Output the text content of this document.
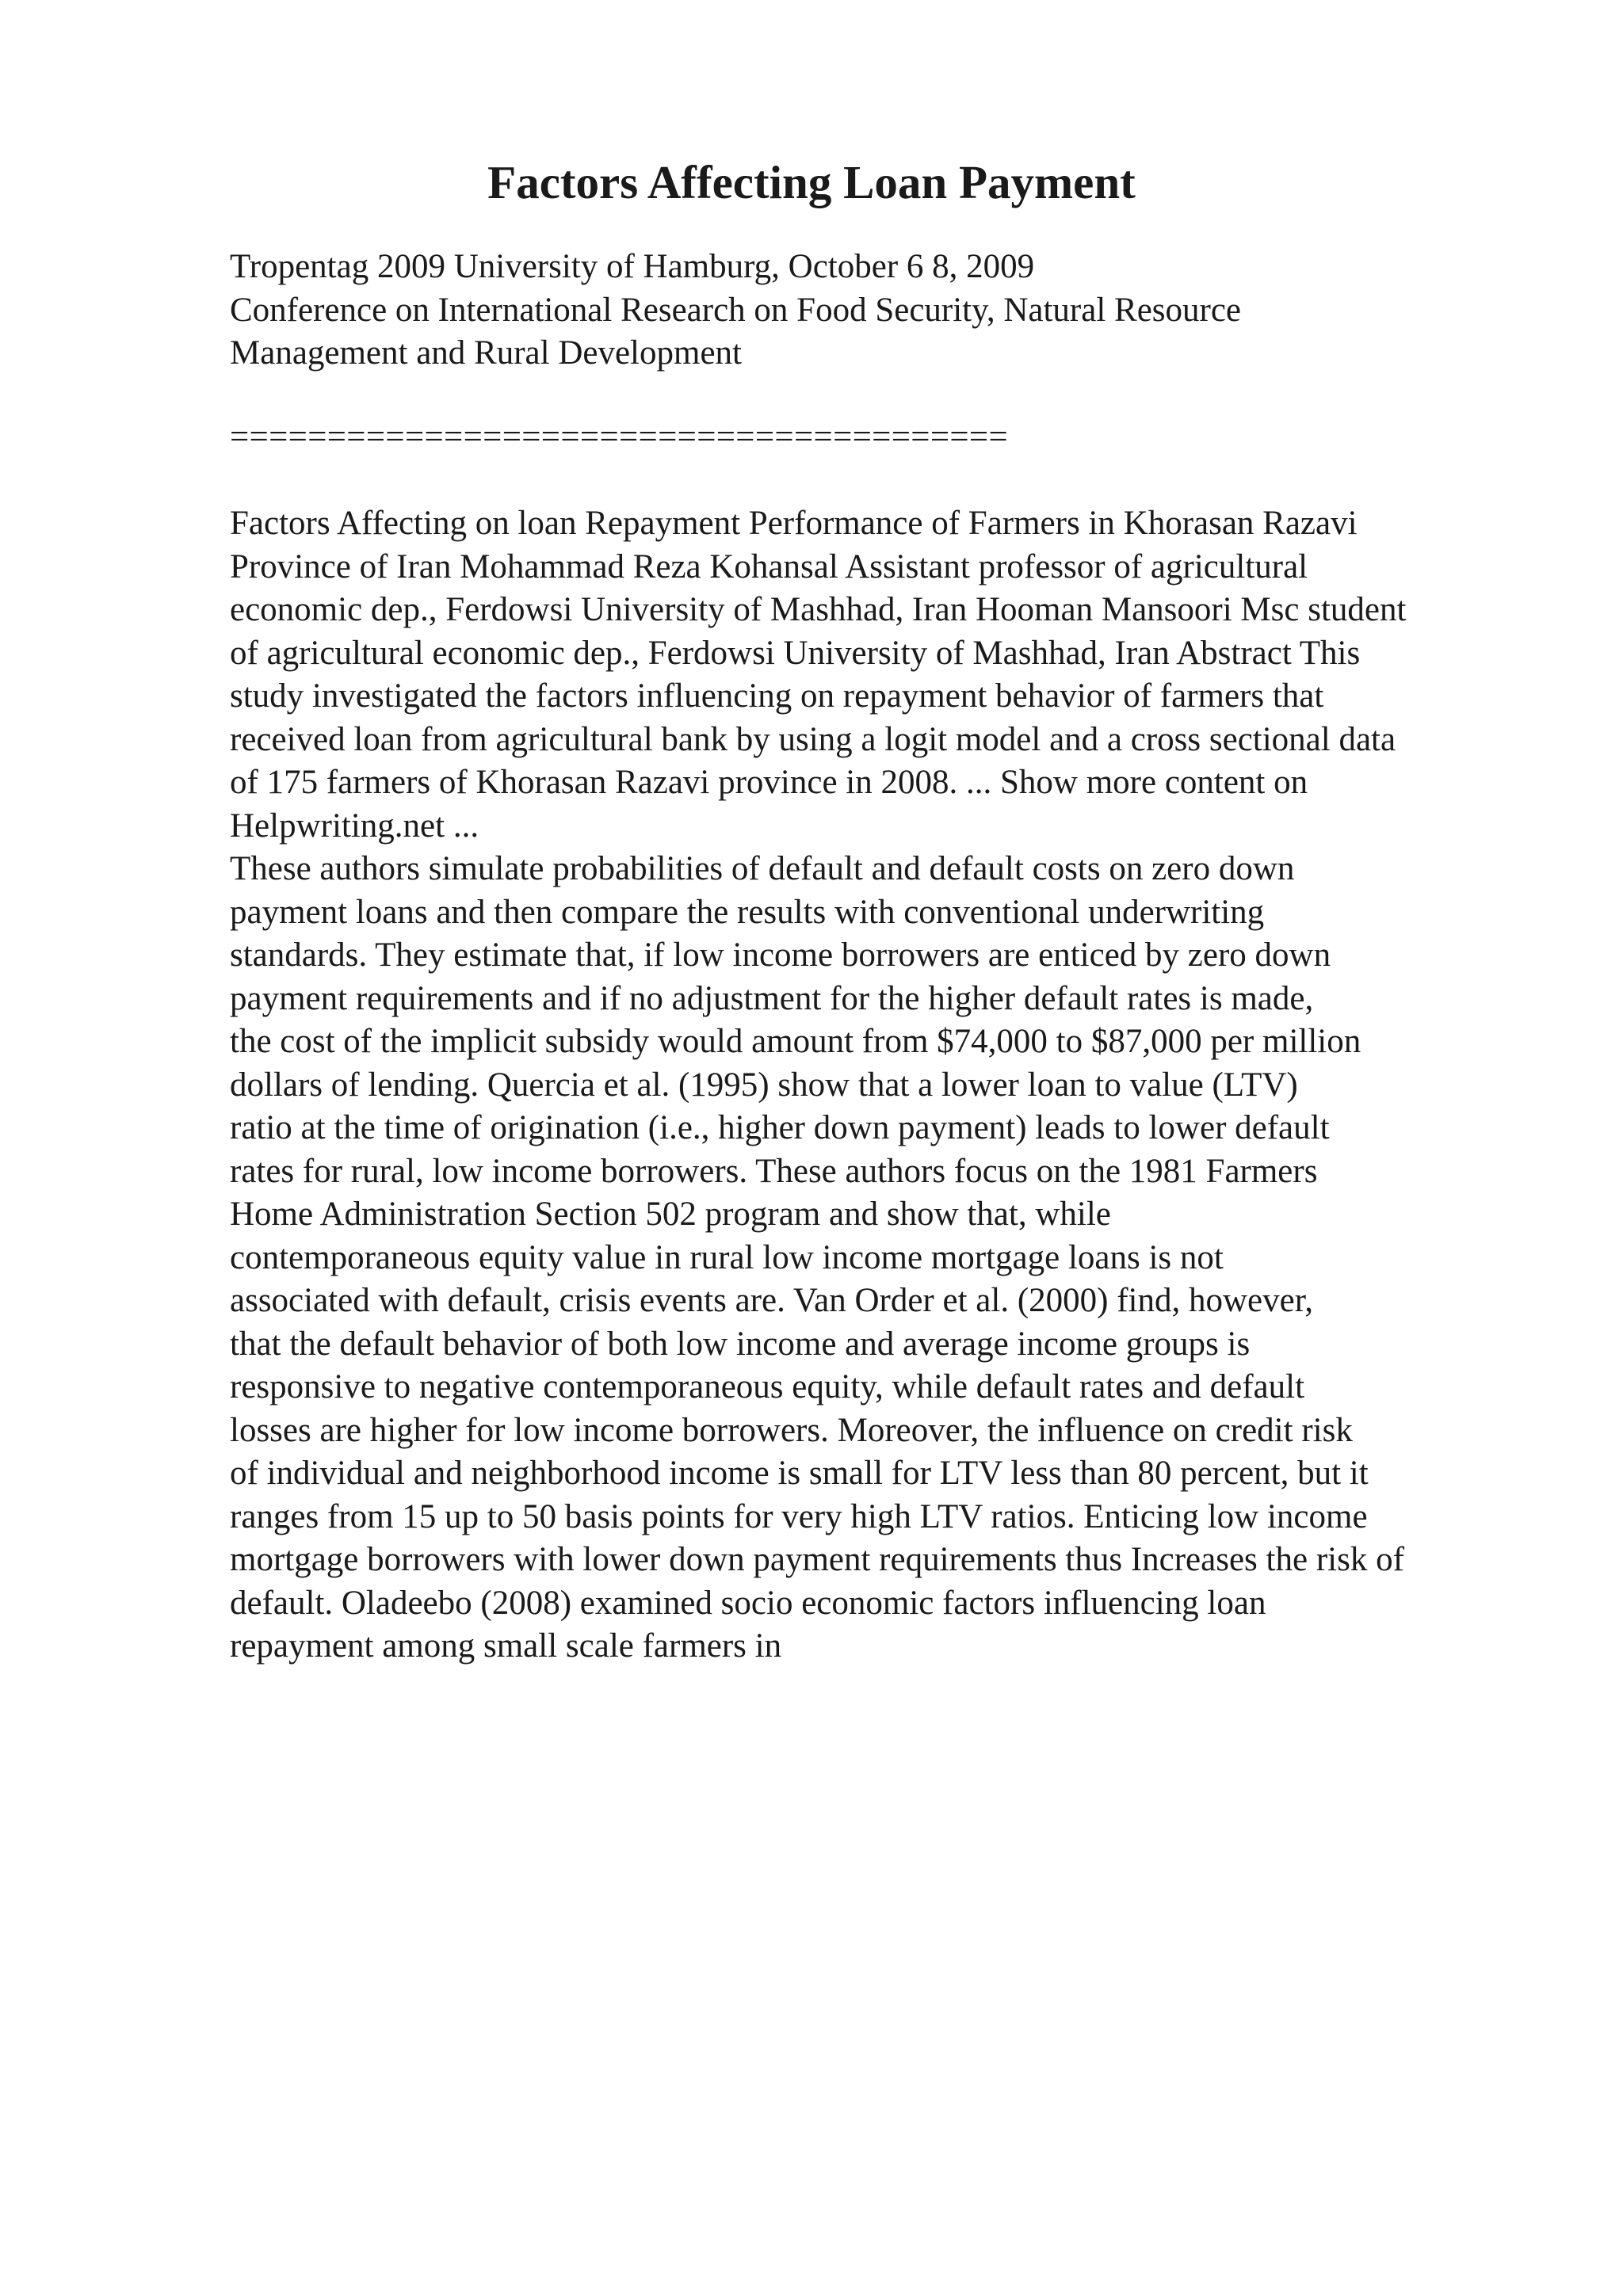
Factors Affecting Loan Payment
Tropentag 2009 University of Hamburg, October 6 8, 2009
Conference on International Research on Food Security, Natural Resource
Management and Rural Development
========================================
Factors Affecting on loan Repayment Performance of Farmers in Khorasan Razavi
Province of Iran Mohammad Reza Kohansal Assistant professor of agricultural
economic dep., Ferdowsi University of Mashhad, Iran Hooman Mansoori Msc student
of agricultural economic dep., Ferdowsi University of Mashhad, Iran Abstract This
study investigated the factors influencing on repayment behavior of farmers that
received loan from agricultural bank by using a logit model and a cross sectional data
of 175 farmers of Khorasan Razavi province in 2008. ... Show more content on
Helpwriting.net ...
These authors simulate probabilities of default and default costs on zero down
payment loans and then compare the results with conventional underwriting
standards. They estimate that, if low income borrowers are enticed by zero down
payment requirements and if no adjustment for the higher default rates is made,
the cost of the implicit subsidy would amount from $74,000 to $87,000 per million
dollars of lending. Quercia et al. (1995) show that a lower loan to value (LTV)
ratio at the time of origination (i.e., higher down payment) leads to lower default
rates for rural, low income borrowers. These authors focus on the 1981 Farmers
Home Administration Section 502 program and show that, while
contemporaneous equity value in rural low income mortgage loans is not
associated with default, crisis events are. Van Order et al. (2000) find, however,
that the default behavior of both low income and average income groups is
responsive to negative contemporaneous equity, while default rates and default
losses are higher for low income borrowers. Moreover, the influence on credit risk
of individual and neighborhood income is small for LTV less than 80 percent, but it
ranges from 15 up to 50 basis points for very high LTV ratios. Enticing low income
mortgage borrowers with lower down payment requirements thus Increases the risk of
default. Oladeebo (2008) examined socio economic factors influencing loan
repayment among small scale farmers in
